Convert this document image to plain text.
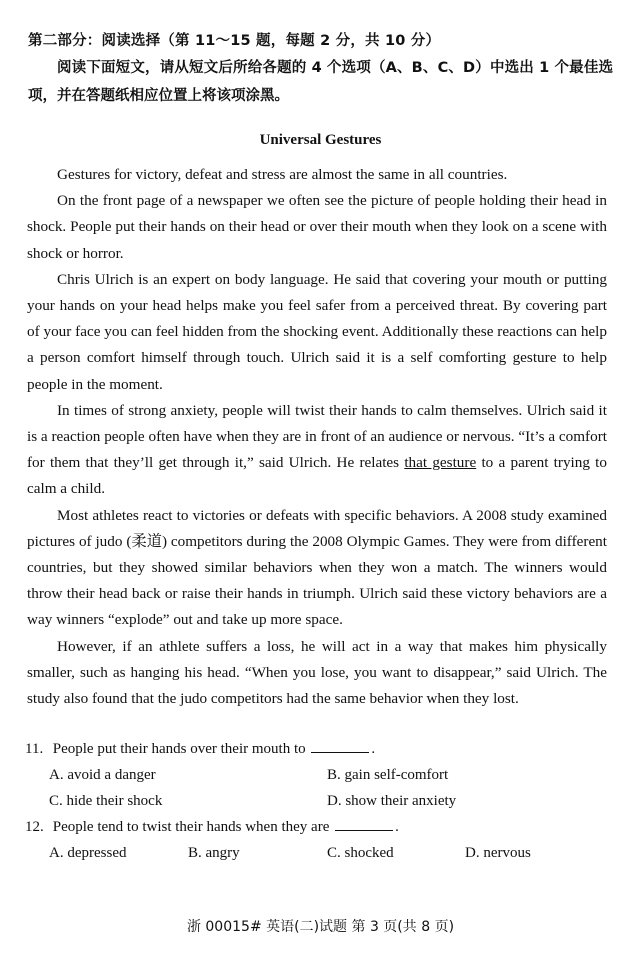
第二部分：阅读选择（第 11～15 题，每题 2 分，共 10 分）
阅读下面短文，请从短文后所给各题的 4 个选项（A、B、C、D）中选出 1 个最佳选项，并在答题纸相应位置上将该项涂黑。
Universal Gestures

Gestures for victory, defeat and stress are almost the same in all countries.

On the front page of a newspaper we often see the picture of people holding their head in shock. People put their hands on their head or over their mouth when they look on a scene with shock or horror.

Chris Ulrich is an expert on body language. He said that covering your mouth or putting your hands on your head helps make you feel safer from a perceived threat. By covering part of your face you can feel hidden from the shocking event. Additionally these reactions can help a person comfort himself through touch. Ulrich said it is a self comforting gesture to help people in the moment.

In times of strong anxiety, people will twist their hands to calm themselves. Ulrich said it is a reaction people often have when they are in front of an audience or nervous. “It’s a comfort for them that they’ll get through it,” said Ulrich. He relates that gesture to a parent trying to calm a child.

Most athletes react to victories or defeats with specific behaviors. A 2008 study examined pictures of judo (柔道) competitors during the 2008 Olympic Games. They were from different countries, but they showed similar behaviors when they won a match. The winners would throw their head back or raise their hands in triumph. Ulrich said these victory behaviors are a way winners “explode” out and take up more space.

However, if an athlete suffers a loss, he will act in a way that makes him physically smaller, such as hanging his head. “When you lose, you want to disappear,” said Ulrich. The study also found that the judo competitors had the same behavior when they lost.

11. People put their hands over their mouth to	.
A. avoid a danger	B. gain self-comfort
C. hide their shock	D. show their anxiety
12. People tend to twist their hands when they are	.
A. depressed	B. angry	C. shocked	D. nervous
浙 00015# 英语(二)试题 第 3 页(共 8 页)
